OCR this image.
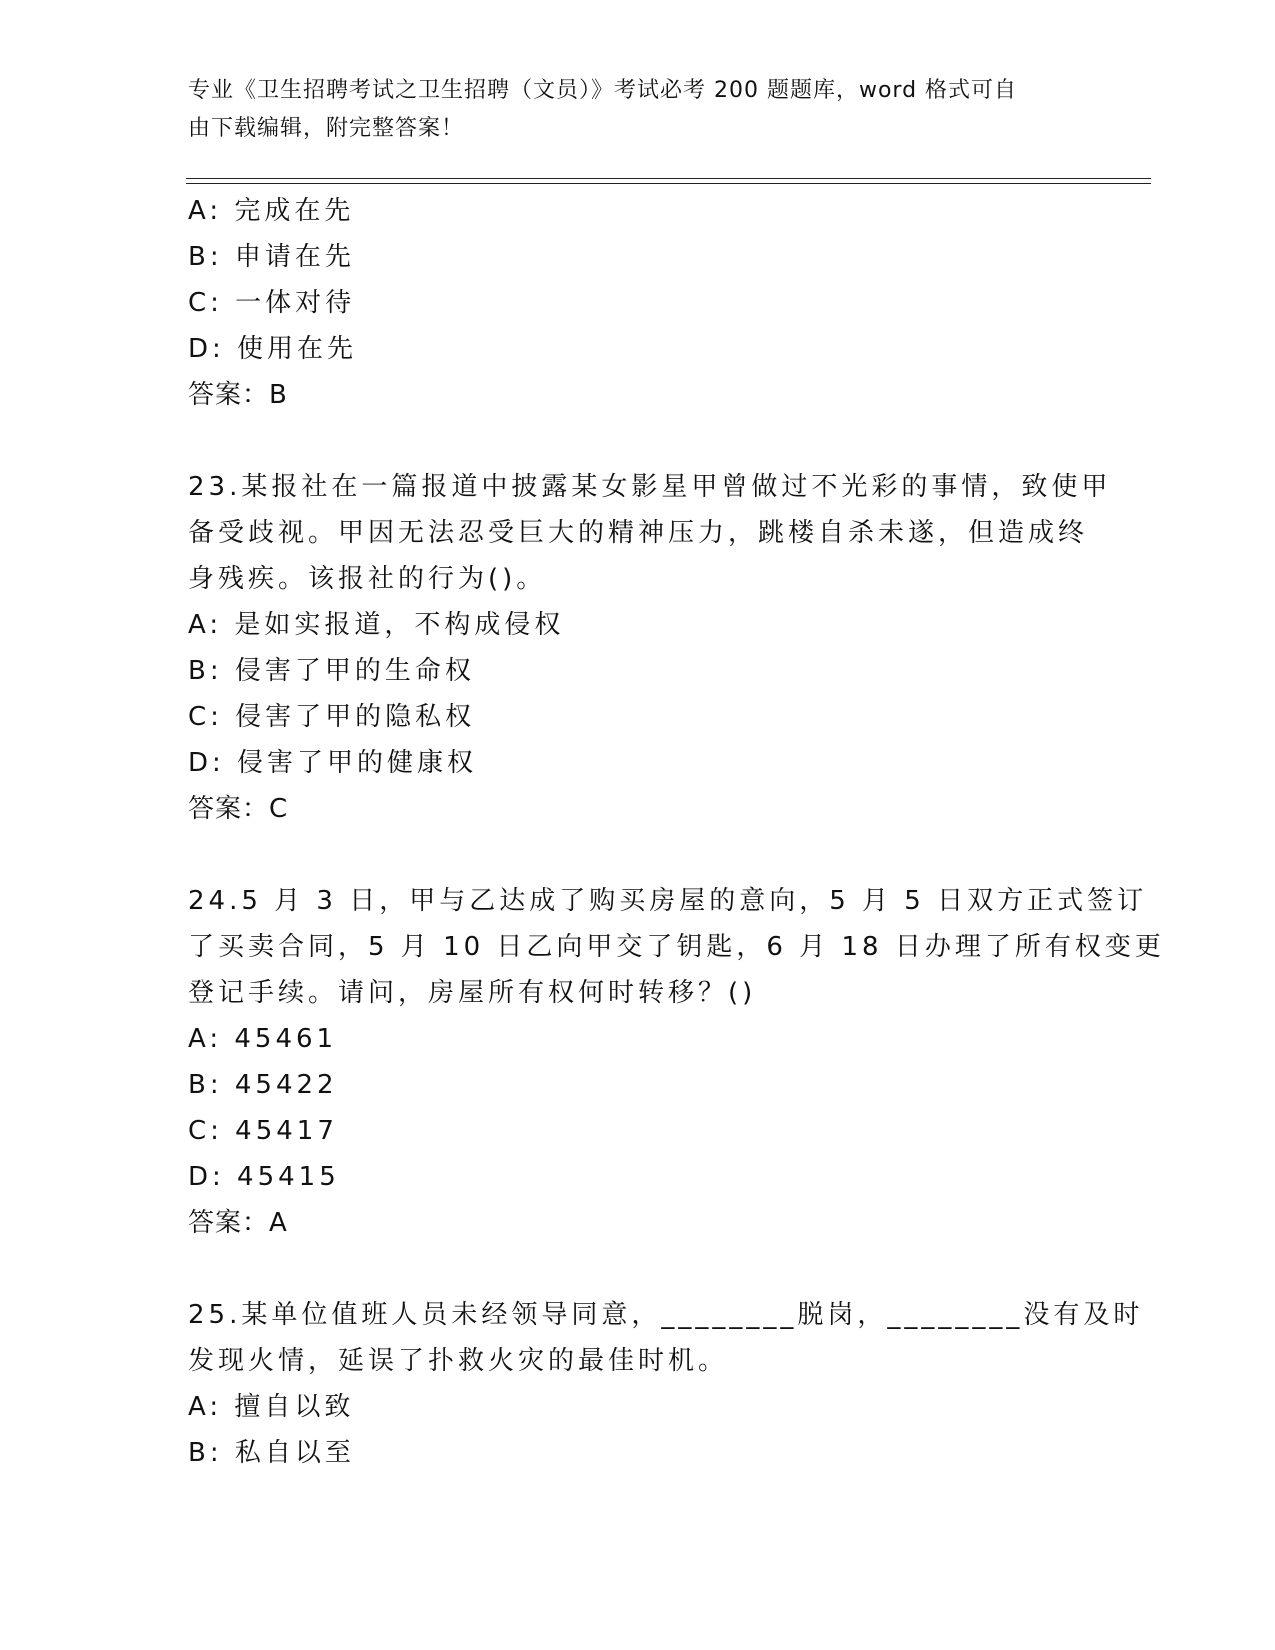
专业《卫生招聘考试之卫生招聘（文员）》考试必考 200 题题库，word 格式可自
由下载编辑，附完整答案！
A: 完成在先
B: 申请在先
C: 一体对待
D: 使用在先
答案：B
23.某报社在一篇报道中披露某女影星甲曾做过不光彩的事情，致使甲
备受歧视。甲因无法忍受巨大的精神压力，跳楼自杀未遂，但造成终
身残疾。该报社的行为()。
A: 是如实报道，不构成侵权
B: 侵害了甲的生命权
C: 侵害了甲的隐私权
D: 侵害了甲的健康权
答案：C
24.5 月 3 日，甲与乙达成了购买房屋的意向，5 月 5 日双方正式签订
了买卖合同，5 月 10 日乙向甲交了钥匙，6 月 18 日办理了所有权变更
登记手续。请问，房屋所有权何时转移？()
A: 45461
B: 45422
C: 45417
D: 45415
答案：A
25.某单位值班人员未经领导同意，________脱岗，________没有及时
发现火情，延误了扑救火灾的最佳时机。
A: 擅自以致
B: 私自以至
